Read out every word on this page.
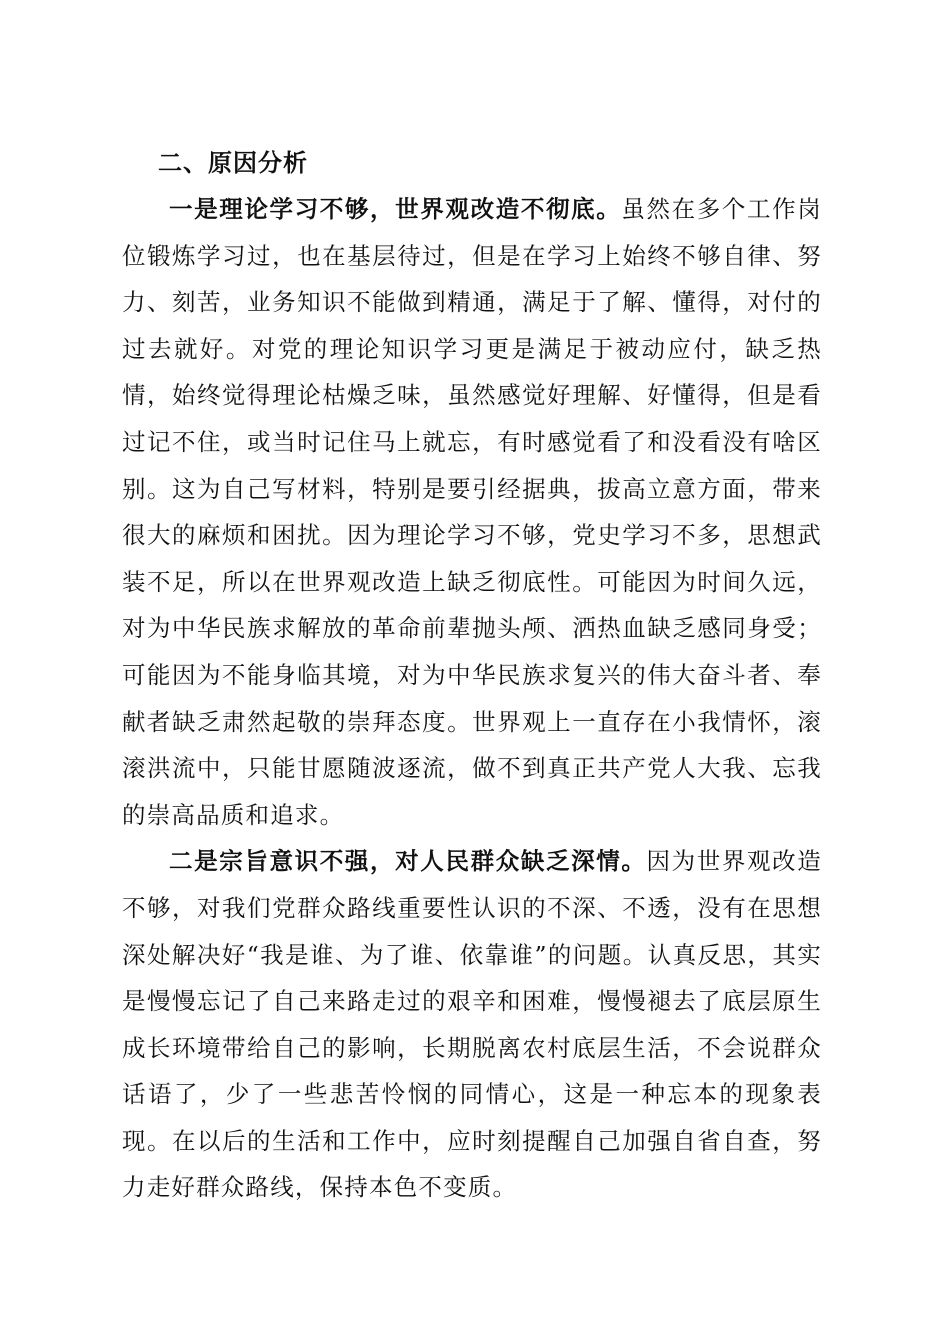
二、原因分析

一是理论学习不够，世界观改造不彻底。虽然在多个工作岗位锻炼学习过，也在基层待过，但是在学习上始终不够自律、努力、刻苦，业务知识不能做到精通，满足于了解、懂得，对付的过去就好。对党的理论知识学习更是满足于被动应付，缺乏热情，始终觉得理论枯燥乏味，虽然感觉好理解、好懂得，但是看过记不住，或当时记住马上就忘，有时感觉看了和没看没有啥区别。这为自己写材料，特别是要引经据典，拔高立意方面，带来很大的麻烦和困扰。因为理论学习不够，党史学习不多，思想武装不足，所以在世界观改造上缺乏彻底性。可能因为时间久远，对为中华民族求解放的革命前辈抛头颅、洒热血缺乏感同身受；可能因为不能身临其境，对为中华民族求复兴的伟大奋斗者、奉献者缺乏肃然起敬的崇拜态度。世界观上一直存在小我情怀，滚滚洪流中，只能甘愿随波逐流，做不到真正共产党人大我、忘我的崇高品质和追求。

二是宗旨意识不强，对人民群众缺乏深情。因为世界观改造不够，对我们党群众路线重要性认识的不深、不透，没有在思想深处解决好“我是谁、为了谁、依靠谁”的问题。认真反思，其实是慢慢忘记了自己来路走过的艰辛和困难，慢慢褪去了底层原生成长环境带给自己的影响，长期脱离农村底层生活，不会说群众话语了，少了一些悲苦怜悯的同情心，这是一种忘本的现象表现。在以后的生活和工作中，应时刻提醒自己加强自省自查，努力走好群众路线，保持本色不变质。
